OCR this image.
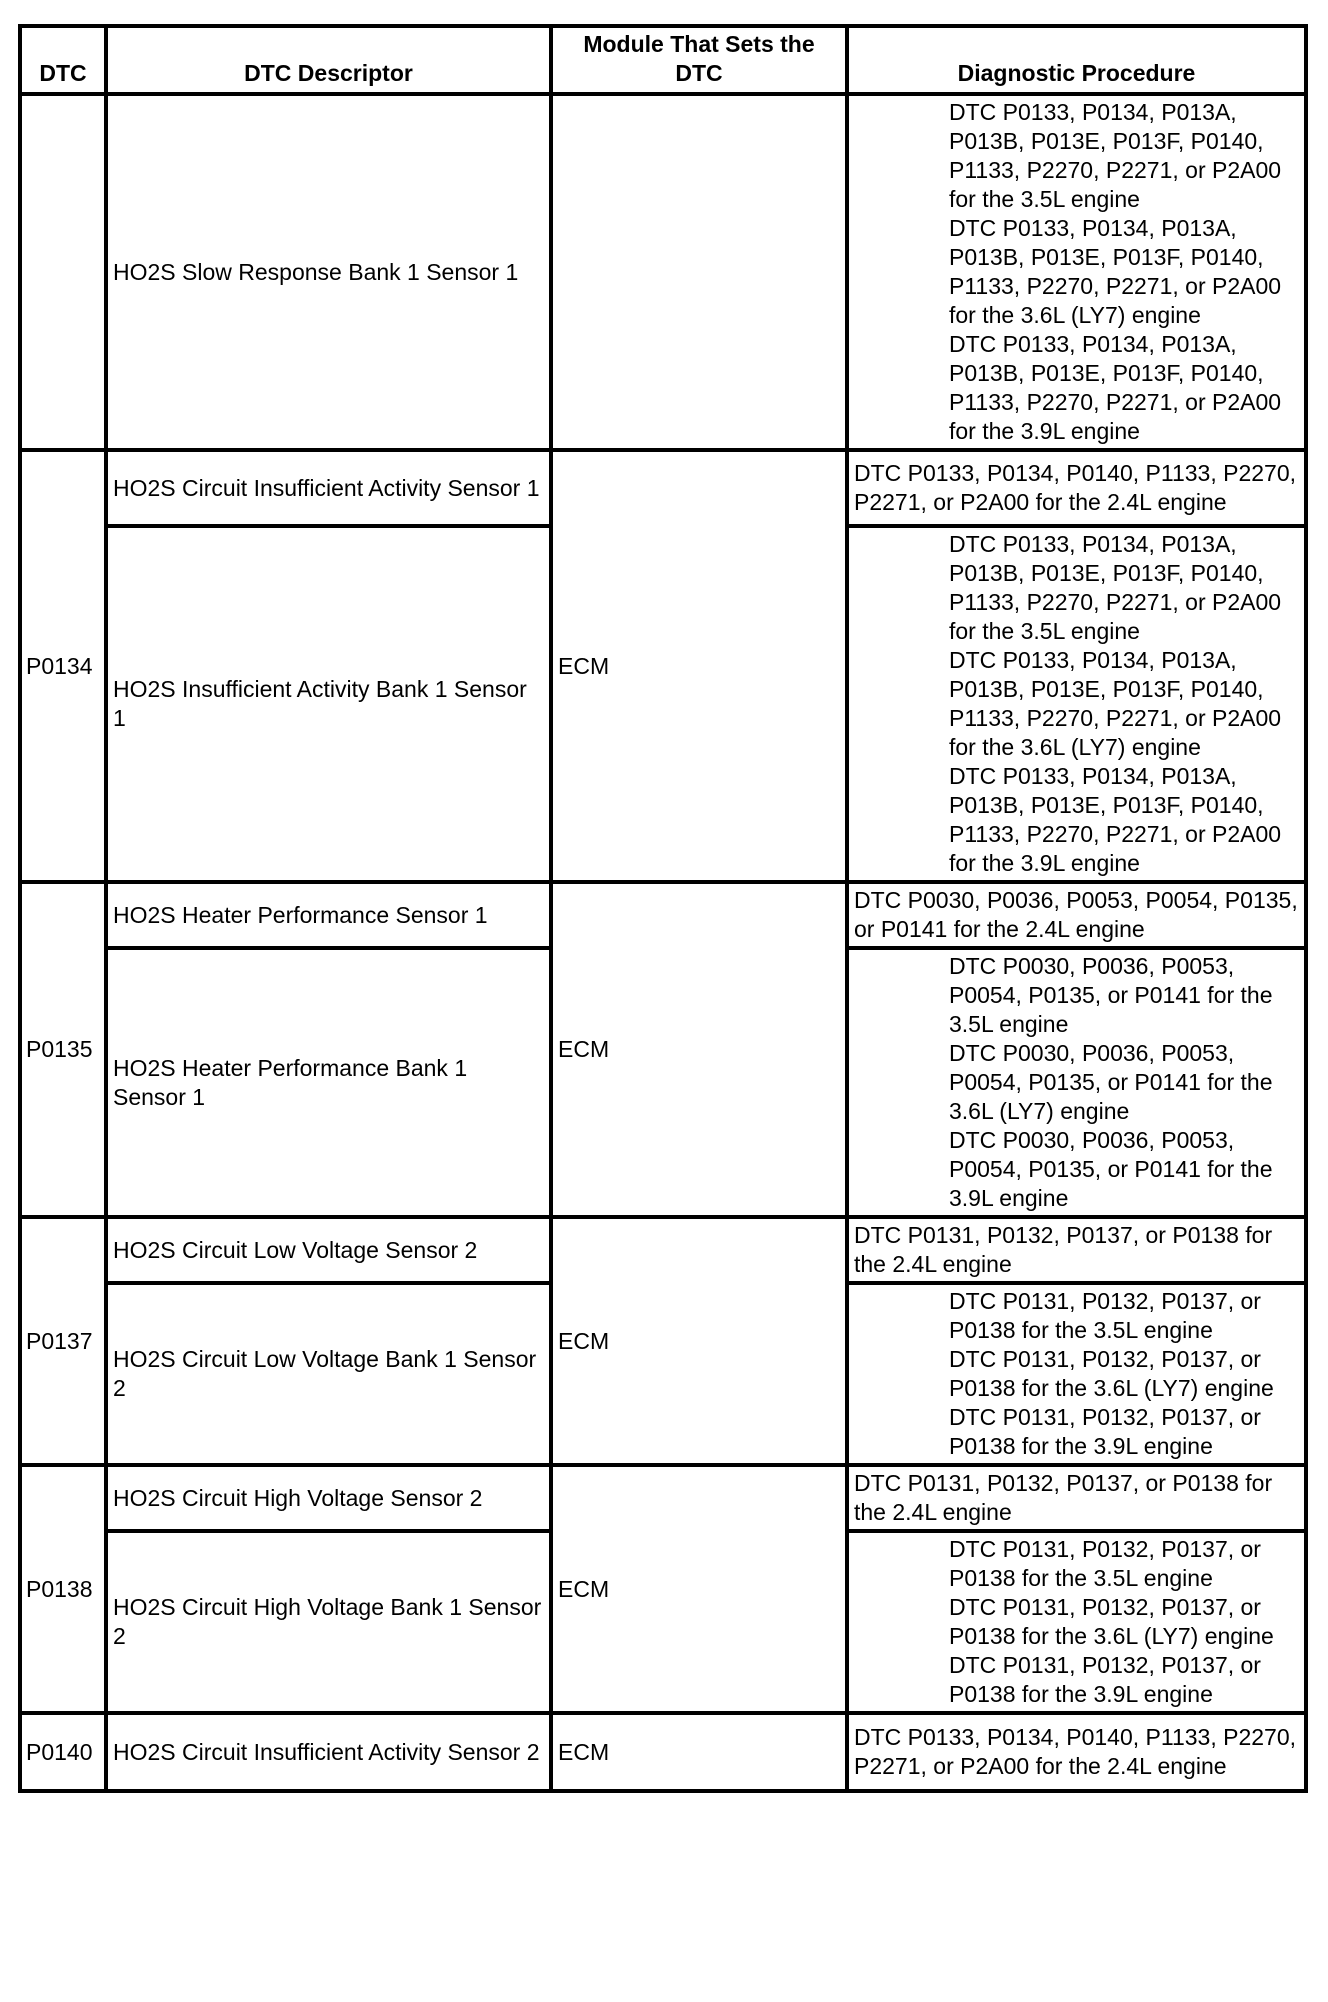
DTC	DTC Descriptor	Module That Sets the DTC	Diagnostic Procedure
	HO2S Slow Response Bank 1 Sensor 1		DTC P0133, P0134, P013A, P013B, P013E, P013F, P0140, P1133, P2270, P2271, or P2A00 for the 3.5L engine
DTC P0133, P0134, P013A, P013B, P013E, P013F, P0140, P1133, P2270, P2271, or P2A00 for the 3.6L (LY7) engine
DTC P0133, P0134, P013A, P013B, P013E, P013F, P0140, P1133, P2270, P2271, or P2A00 for the 3.9L engine

P0134	HO2S Circuit Insufficient Activity Sensor 1	ECM	DTC P0133, P0134, P0140, P1133, P2270, P2271, or P2A00 for the 2.4L engine

	HO2S Insufficient Activity Bank 1 Sensor 1		DTC P0133, P0134, P013A, P013B, P013E, P013F, P0140, P1133, P2270, P2271, or P2A00 for the 3.5L engine
DTC P0133, P0134, P013A, P013B, P013E, P013F, P0140, P1133, P2270, P2271, or P2A00 for the 3.6L (LY7) engine
DTC P0133, P0134, P013A, P013B, P013E, P013F, P0140, P1133, P2270, P2271, or P2A00 for the 3.9L engine

P0135	HO2S Heater Performance Sensor 1	ECM	DTC P0030, P0036, P0053, P0054, P0135, or P0141 for the 2.4L engine

	HO2S Heater Performance Bank 1 Sensor 1		DTC P0030, P0036, P0053, P0054, P0135, or P0141 for the 3.5L engine
DTC P0030, P0036, P0053, P0054, P0135, or P0141 for the 3.6L (LY7) engine
DTC P0030, P0036, P0053, P0054, P0135, or P0141 for the 3.9L engine

P0137	HO2S Circuit Low Voltage Sensor 2	ECM	DTC P0131, P0132, P0137, or P0138 for the 2.4L engine

	HO2S Circuit Low Voltage Bank 1 Sensor 2		DTC P0131, P0132, P0137, or P0138 for the 3.5L engine
DTC P0131, P0132, P0137, or P0138 for the 3.6L (LY7) engine
DTC P0131, P0132, P0137, or P0138 for the 3.9L engine

P0138	HO2S Circuit High Voltage Sensor 2	ECM	DTC P0131, P0132, P0137, or P0138 for the 2.4L engine

	HO2S Circuit High Voltage Bank 1 Sensor 2		DTC P0131, P0132, P0137, or P0138 for the 3.5L engine
DTC P0131, P0132, P0137, or P0138 for the 3.6L (LY7) engine
DTC P0131, P0132, P0137, or P0138 for the 3.9L engine

P0140	HO2S Circuit Insufficient Activity Sensor 2	ECM	DTC P0133, P0134, P0140, P1133, P2270, P2271, or P2A00 for the 2.4L engine
